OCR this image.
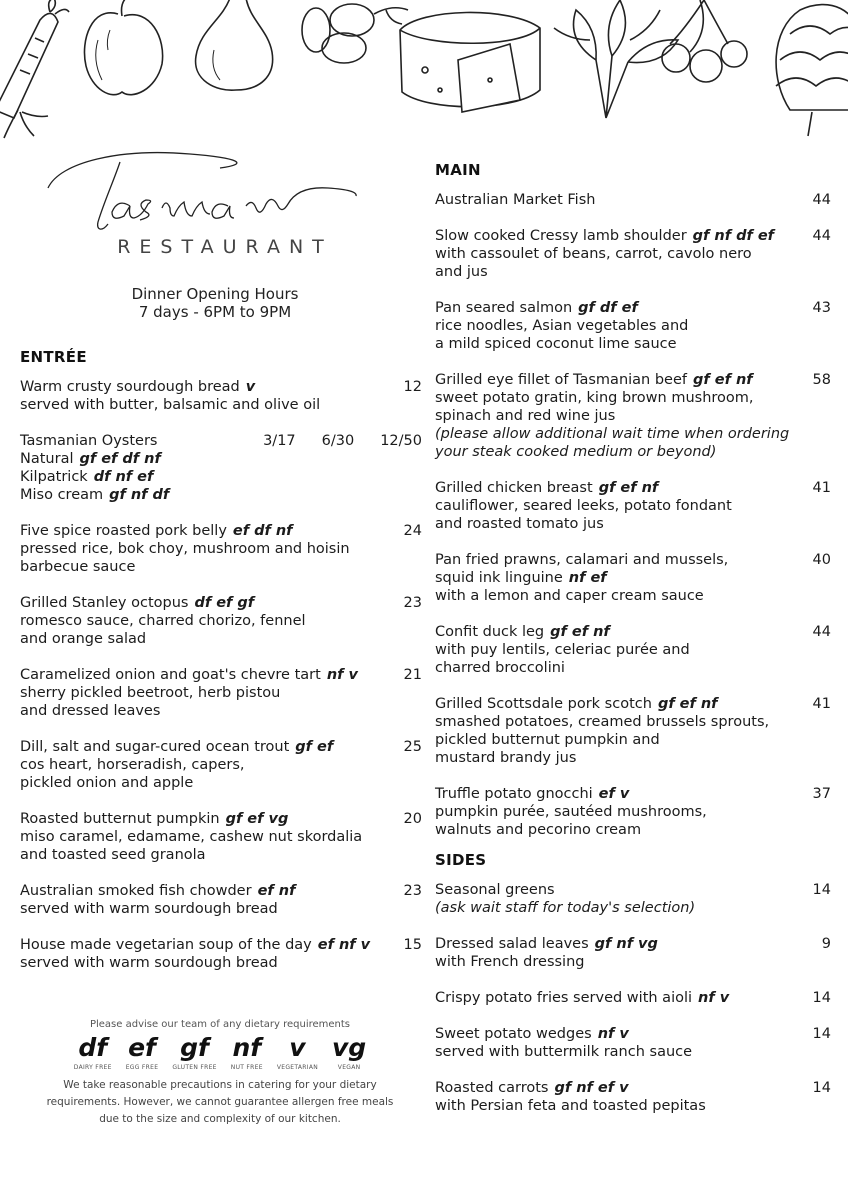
RESTAURANT
Dinner Opening Hours
7 days - 6PM to 9PM
ENTRÉE
Warm crusty sourdough bread v
served with butter, balsamic and olive oil
12
Tasmanian Oysters
Natural gf ef df nf
Kilpatrick df nf ef
Miso cream gf nf df
3/17 6/30 12/50
Five spice roasted pork belly ef df nf
pressed rice, bok choy, mushroom and hoisin
barbecue sauce
24
Grilled Stanley octopus df ef gf
romesco sauce, charred chorizo, fennel
and orange salad
23
Caramelized onion and goat's chevre tart nf v
sherry pickled beetroot, herb pistou
and dressed leaves
21
Dill, salt and sugar-cured ocean trout gf ef
cos heart, horseradish, capers,
pickled onion and apple
25
Roasted butternut pumpkin gf ef vg
miso caramel, edamame, cashew nut skordalia
and toasted seed granola
20
Australian smoked fish chowder ef nf
served with warm sourdough bread
23
House made vegetarian soup of the day ef nf v
served with warm sourdough bread
15
Please advise our team of any dietary requirements
df
DAIRY FREE
ef
EGG FREE
gf
GLUTEN FREE
nf
NUT FREE
v
VEGETARIAN
vg
VEGAN
We take reasonable precautions in catering for your dietary
requirements. However, we cannot guarantee allergen free meals
due to the size and complexity of our kitchen.
MAIN
Australian Market Fish	44
Slow cooked Cressy lamb shoulder gf nf df ef
with cassoulet of beans, carrot, cavolo nero
and jus
44
Pan seared salmon gf df ef
rice noodles, Asian vegetables and
a mild spiced coconut lime sauce
43
Grilled eye fillet of Tasmanian beef gf ef nf
sweet potato gratin, king brown mushroom,
spinach and red wine jus
(please allow additional wait time when ordering
your steak cooked medium or beyond)
58
Grilled chicken breast gf ef nf
cauliflower, seared leeks, potato fondant
and roasted tomato jus
41
Pan fried prawns, calamari and mussels,
squid ink linguine nf ef
with a lemon and caper cream sauce
40
Confit duck leg gf ef nf
with puy lentils, celeriac purée and
charred broccolini
44
Grilled Scottsdale pork scotch gf ef nf
smashed potatoes, creamed brussels sprouts,
pickled butternut pumpkin and
mustard brandy jus
41
Truffle potato gnocchi ef v
pumpkin purée, sautéed mushrooms,
walnuts and pecorino cream
37
SIDES
Seasonal greens
(ask wait staff for today's selection)
14
Dressed salad leaves gf nf vg
with French dressing
9
Crispy potato fries served with aioli nf v	14
Sweet potato wedges nf v
served with buttermilk ranch sauce
14
Roasted carrots gf nf ef v
with Persian feta and toasted pepitas
14
